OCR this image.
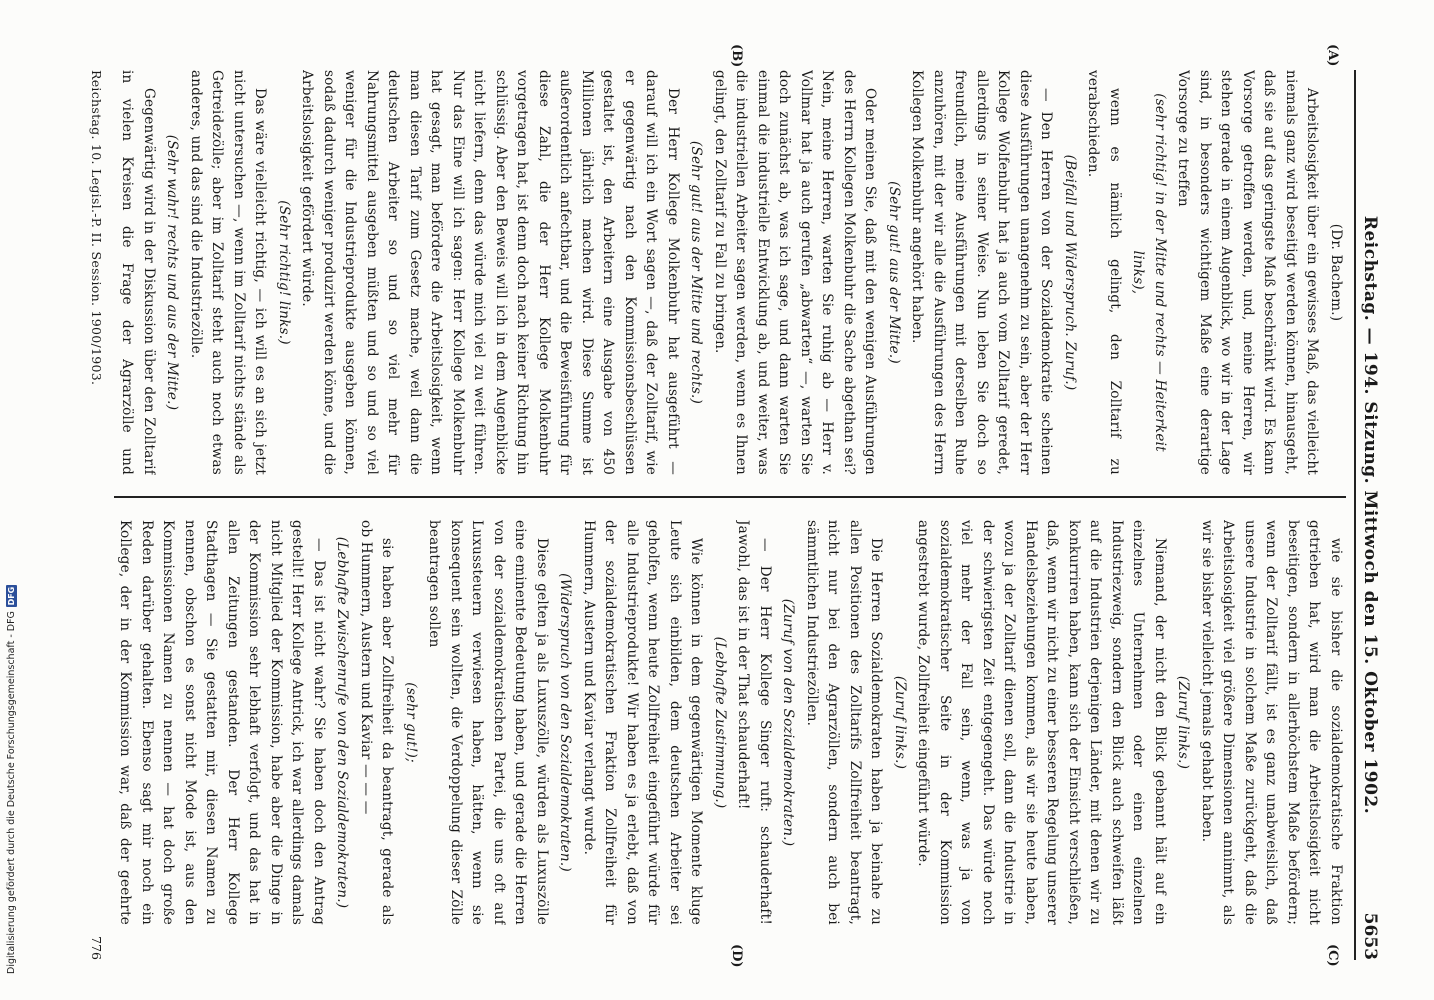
Reichstag. — 194. Sitzung. Mittwoch den 15. Oktober 1902.
5653
(A)
(B)
(C)
(D)

(Dr. Bachem.)

Arbeitslosigkeit über ein gewisses Maß, das vielleicht niemals ganz wird beseitigt werden können, hinausgeht, daß sie auf das geringste Maß beschränkt wird. Es kann Vorsorge getroffen werden, und, meine Herren, wir stehen gerade in einem Augenblick, wo wir in der Lage sind, in besonders wichtigem Maße eine derartige Vorsorge zu treffen

(sehr richtig! in der Mitte und rechts — Heiterkeit links),

wenn es nämlich gelingt, den Zolltarif zu verabschieden.

(Beifall und Widerspruch. Zuruf.)

— Den Herren von der Sozialdemokratie scheinen diese Ausführungen unangenehm zu sein, aber der Herr Kollege Wolfenbuhr hat ja auch vom Zolltarif geredet, allerdings in seiner Weise. Nun leben Sie doch so freundlich, meine Ausführungen mit derselben Ruhe anzuhören, mit der wir alle die Ausführungen des Herrn Kollegen Molkenbuhr angehört haben.

(Sehr gut! aus der Mitte.)

Oder meinen Sie, daß mit den wenigen Ausführungen des Herrn Kollegen Molkenbuhr die Sache abgethan sei? Nein, meine Herren, warten Sie ruhig ab — Herr v. Vollmar hat ja auch gerufen „abwarten“ —, warten Sie doch zunächst ab, was ich sage, und dann warten Sie einmal die industrielle Entwicklung ab, und weiter, was die industriellen Arbeiter sagen werden, wenn es Ihnen gelingt, den Zolltarif zu Fall zu bringen.

(Sehr gut! aus der Mitte und rechts.)

Der Herr Kollege Molkenbuhr hat ausgeführt — darauf will ich ein Wort sagen —, daß der Zolltarif, wie er gegenwärtig nach den Kommissionsbeschlüssen gestaltet ist, den Arbeitern eine Ausgabe von 450 Millionen jährlich machen wird. Diese Summe ist außerordentlich anfechtbar, und die Beweisführung für diese Zahl, die der Herr Kollege Molkenbuhr vorgetragen hat, ist denn doch nach keiner Richtung hin schlüssig. Aber den Beweis will ich in dem Augenblicke nicht liefern, denn das würde mich viel zu weit führen. Nur das Eine will ich sagen: Herr Kollege Molkenbuhr hat gesagt, man befördere die Arbeitslosigkeit, wenn man diesen Tarif zum Gesetz mache, weil dann die deutschen Arbeiter so und so viel mehr für Nahrungsmittel ausgeben müßten und so und so viel weniger für die Industrieprodukte ausgeben können, sodaß dadurch weniger produzirt werden könne, und die Arbeitslosigkeit gefördert würde.

(Sehr richtig! links.)

Das wäre vielleicht richtig, — ich will es an sich jetzt nicht untersuchen —, wenn im Zolltarif nichts stände als Getreidezölle; aber im Zolltarif steht auch noch etwas anderes, und das sind die Industriezölle.

(Sehr wahr! rechts und aus der Mitte.)

Gegenwärtig wird in der Diskussion über den Zolltarif in vielen Kreisen die Frage der Agrarzölle und

wie sie bisher die sozialdemokratische Fraktion getrieben hat, wird man die Arbeitslosigkeit nicht beseitigen, sondern in allerhöchstem Maße befördern; wenn der Zolltarif fällt, ist es ganz unabweislich, daß unsere Industrie in solchem Maße zurückgeht, daß die Arbeitslosigkeit viel größere Dimensionen annimmt, als wir sie bisher vielleicht jemals gehabt haben.

(Zuruf links.)

Niemand, der nicht den Blick gebannt hält auf ein einzelnes Unternehmen oder einen einzelnen Industriezweig, sondern den Blick auch schweifen läßt auf die Industrien derjenigen Länder, mit denen wir zu konkurriren haben, kann sich der Einsicht verschließen, daß, wenn wir nicht zu einer besseren Regelung unserer Handelsbeziehungen kommen, als wir sie heute haben, wozu ja der Zolltarif dienen soll, dann die Industrie in der schwierigsten Zeit entgegengeht. Das würde noch viel mehr der Fall sein, wenn, was ja von sozialdemokratischer Seite in der Kommission angestrebt wurde, Zollfreiheit eingeführt würde.

(Zuruf links.)

Die Herren Sozialdemokraten haben ja beinahe zu allen Positionen des Zolltarifs Zollfreiheit beantragt, nicht nur bei den Agrarzöllen, sondern auch bei sämmtlichen Industriezöllen.

(Zuruf von den Sozialdemokraten.)

— Der Herr Kollege Singer ruft: schauderhaft! Jawohl, das ist in der That schauderhaft!

(Lebhafte Zustimmung.)

Wie können in dem gegenwärtigen Momente kluge Leute sich einbilden, dem deutschen Arbeiter sei geholfen, wenn heute Zollfreiheit eingeführt würde für alle Industrieprodukte! Wir haben es ja erlebt, daß von der sozialdemokratischen Fraktion Zollfreiheit für Hummern, Austern und Kaviar verlangt wurde.

(Widerspruch von den Sozialdemokraten.)

Diese gelten ja als Luxuszölle, würden als Luxuszölle eine eminente Bedeutung haben, und gerade die Herren von der sozialdemokratischen Partei, die uns oft auf Luxussteuern verwiesen haben, hätten, wenn sie konsequent sein wollten, die Verdoppelung dieser Zölle beantragen sollen

(sehr gut!);

sie haben aber Zollfreiheit da beantragt, gerade als ob Hummern, Austern und Kaviar — — —

(Lebhafte Zwischenrufe von den Sozialdemokraten.)

— Das ist nicht wahr? Sie haben doch den Antrag gestellt! Herr Kollege Antrick, ich war allerdings damals nicht Mitglied der Kommission, habe aber die Dinge in der Kommission sehr lebhaft verfolgt, und das hat in allen Zeitungen gestanden. Der Herr Kollege Stadthagen — Sie gestatten mir, diesen Namen zu nennen, obschon es sonst nicht Mode ist, aus den Kommissionen Namen zu nennen — hat doch große Reden darüber gehalten. Ebenso sagt mir noch ein Kollege, der in der Kommission war, daß der geehrte

Reichstag. 10. Legisl.-P. II. Session. 1900/1903.
776
Digitalisierung gefördert durch die Deutsche Forschungsgemeinschaft - DFG
DFG
